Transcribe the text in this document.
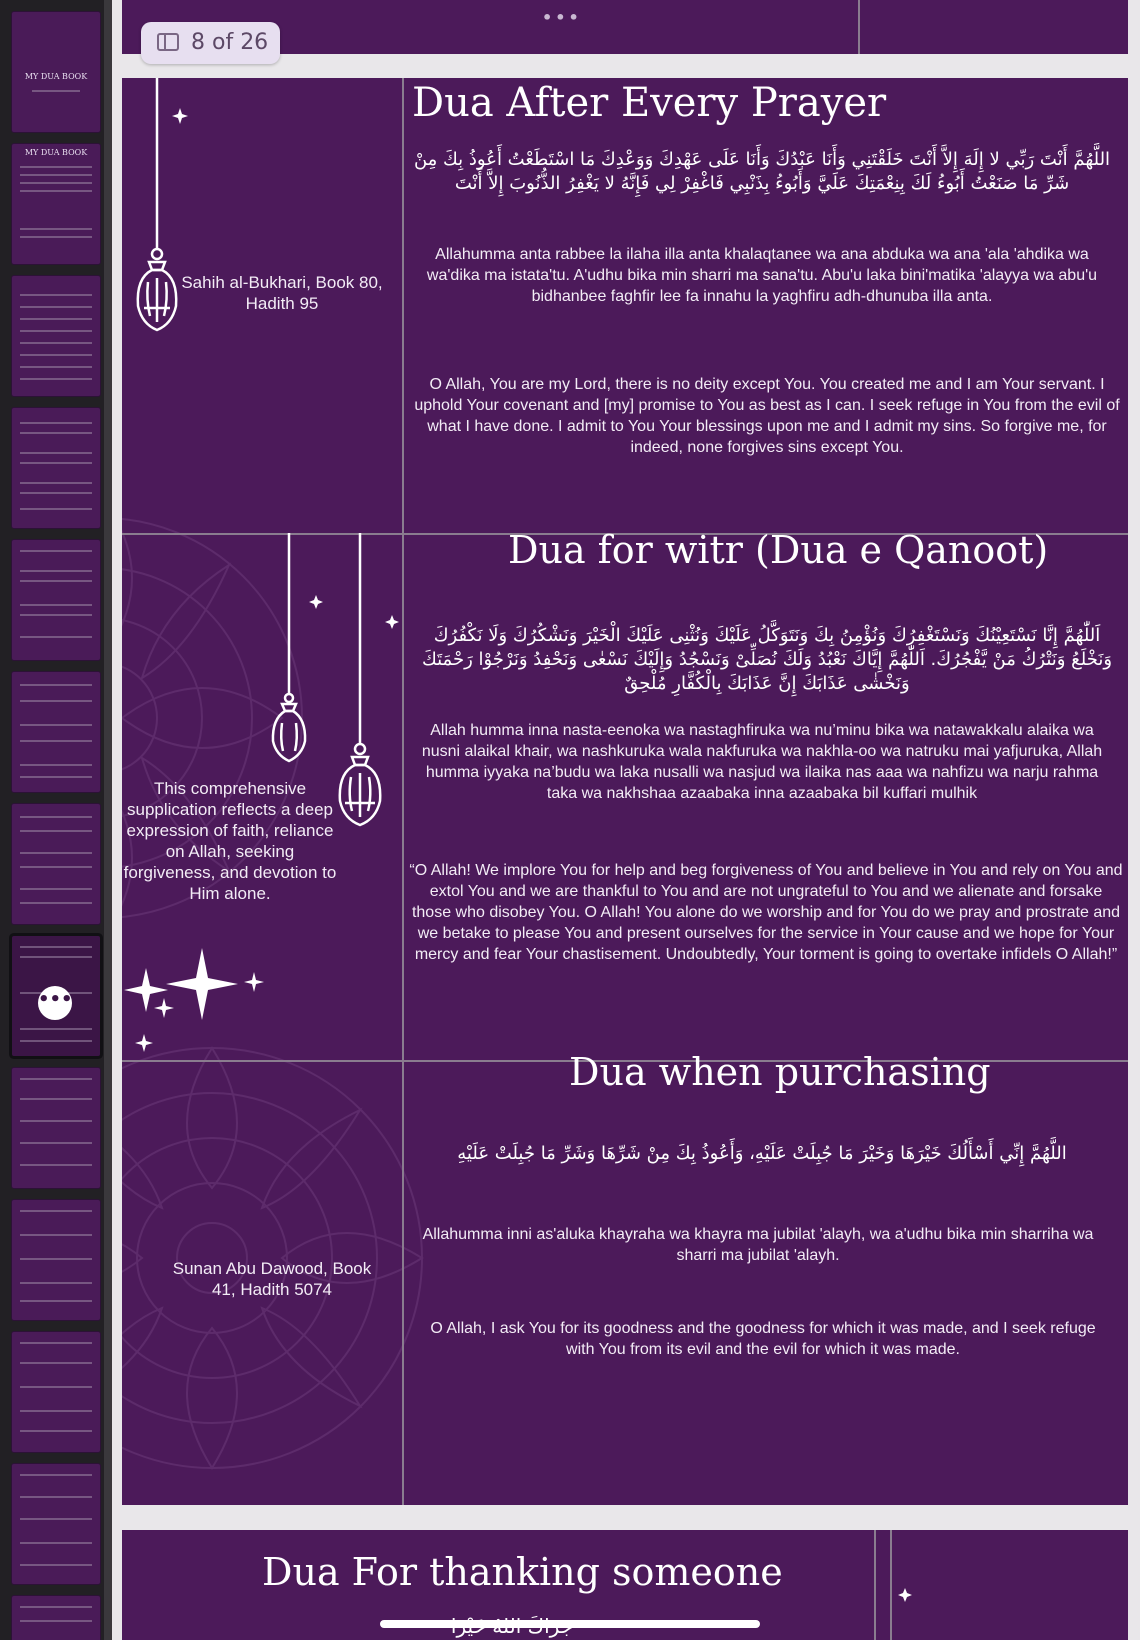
MY DUA BOOK
MY DUA BOOK
•••
•••
Dua After Every Prayer
اللَّهُمَّ أَنْتَ رَبِّي لا إِلَهَ إِلاَّ أَنْتَ خَلَقْتَنِي وَأَنَا عَبْدُكَ وَأَنَا عَلَى عَهْدِكَ وَوَعْدِكَ مَا اسْتَطَعْتُ أَعُوذُ بِكَ مِنْ شَرِّ مَا صَنَعْتُ أَبُوءُ لَكَ بِنِعْمَتِكَ عَلَيَّ وَأَبُوءُ بِذَنْبِي فَاغْفِرْ لِي فَإِنَّهُ لا يَغْفِرُ الذُّنُوبَ إِلاَّ أَنْتَ
Allahumma anta rabbee la ilaha illa anta khalaqtanee wa ana abduka wa ana 'ala 'ahdika wa wa'dika ma istata'tu. A'udhu bika min sharri ma sana'tu. Abu'u laka bini'matika 'alayya wa abu'u bidhanbee faghfir lee fa innahu la yaghfiru adh-dhunuba illa anta.
O Allah, You are my Lord, there is no deity except You. You created me and I am Your servant. I uphold Your covenant and [my] promise to You as best as I can. I seek refuge in You from the evil of what I have done. I admit to You Your blessings upon me and I admit my sins. So forgive me, for indeed, none forgives sins except You.
Sahih al-Bukhari, Book 80, Hadith 95
Dua for witr (Dua e Qanoot)
اَللّٰهُمَّ إِنَّا نَسْتَعِيْنُكَ وَنَسْتَغْفِرُكَ وَنُؤْمِنُ بِكَ وَنَتَوَكَّلُ عَلَيْكَ وَنُثْنِى عَلَيْكَ الْخَيْرَ وَنَشْكُرُكَ وَلَا نَكْفُرُكَ وَنَخْلَعُ وَنَتْرُكُ مَنْ يَّفْجُرُكَ. اَللّٰهُمَّ إِيَّاكَ نَعْبُدُ وَلَكَ نُصَلِّىْ وَنَسْجُدُ وَإِلَيْكَ نَسْعٰى وَنَحْفِدُ وَنَرْجُوْا رَحْمَتَكَ وَنَخْشٰى عَذَابَكَ إِنَّ عَذَابَكَ بِالْكُفَّارِ مُلْحِقٌ
Allah humma inna nasta-eenoka wa nastaghfiruka wa nu’minu bika wa natawakkalu alaika wa nusni alaikal khair, wa nashkuruka wala nakfuruka wa nakhla-oo wa natruku mai yafjuruka, Allah humma iyyaka na’budu wa laka nusalli wa nasjud wa ilaika nas aaa wa nahfizu wa narju rahma taka wa nakhshaa azaabaka inna azaabaka bil kuffari mulhik
“O Allah! We implore You for help and beg forgiveness of You and believe in You and rely on You and extol You and we are thankful to You and are not ungrateful to You and we alienate and forsake those who disobey You. O Allah! You alone do we worship and for You do we pray and prostrate and we betake to please You and present ourselves for the service in Your cause and we hope for Your mercy and fear Your chastisement. Undoubtedly, Your torment is going to overtake infidels O Allah!”
This comprehensive supplication reflects a deep expression of faith, reliance on Allah, seeking forgiveness, and devotion to Him alone.
Dua when purchasing
اللَّهُمَّ إِنِّي أَسْأَلُكَ خَيْرَهَا وَخَيْرَ مَا جُبِلَتْ عَلَيْهِ، وَأَعُوذُ بِكَ مِنْ شَرِّهَا وَشَرِّ مَا جُبِلَتْ عَلَيْهِ
Allahumma inni as'aluka khayraha wa khayra ma jubilat 'alayh, wa a'udhu bika min sharriha wa sharri ma jubilat 'alayh.
O Allah, I ask You for its goodness and the goodness for which it was made, and I seek refuge with You from its evil and the evil for which it was made.
Sunan Abu Dawood, Book 41, Hadith 5074
Dua For thanking someone
8 of 26
